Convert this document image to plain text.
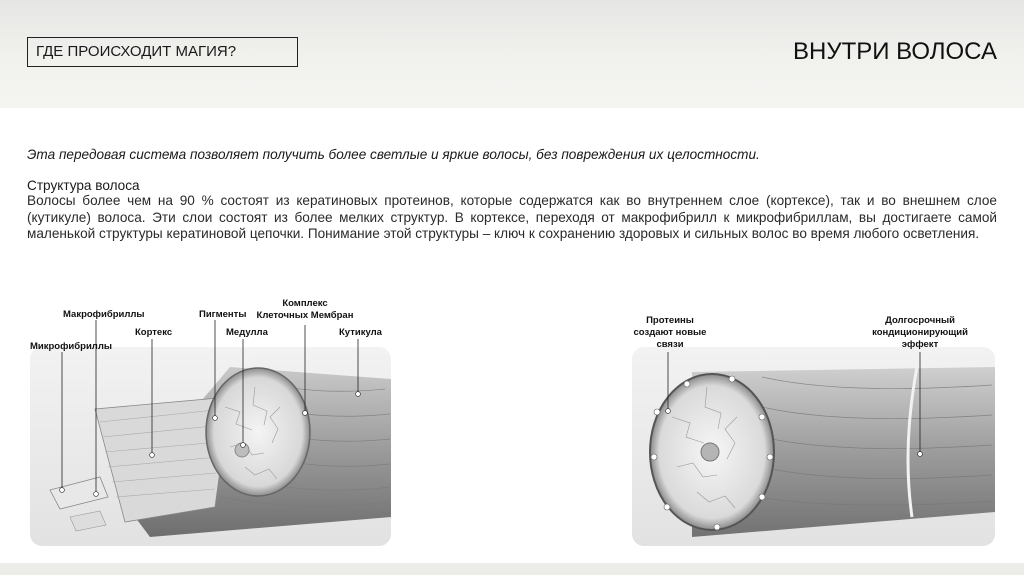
ГДЕ ПРОИСХОДИТ МАГИЯ?	ВНУТРИ ВОЛОСА
Эта передовая система позволяет получить более светлые и яркие волосы, без повреждения их целостности.
Структура волоса
Волосы более чем на 90 % состоят из кератиновых протеинов, которые содержатся как во внутреннем слое (кортексе), так и во внешнем слое (кутикуле) волоса. Эти слои состоят из более мелких структур. В кортексе, переходя от макрофибрилл к микрофибриллам, вы достигаете самой маленькой структуры кератиновой цепочки. Понимание этой структуры – ключ к сохранению здоровых и сильных волос во время любого осветления.
Макрофибриллы
Микрофибриллы
Кортекс
Пигменты
Медулла
Комплекс
Клеточных Мембран
Кутикула
Протеины
создают новые
связи
Долгосрочный
кондиционирующий
эффект
